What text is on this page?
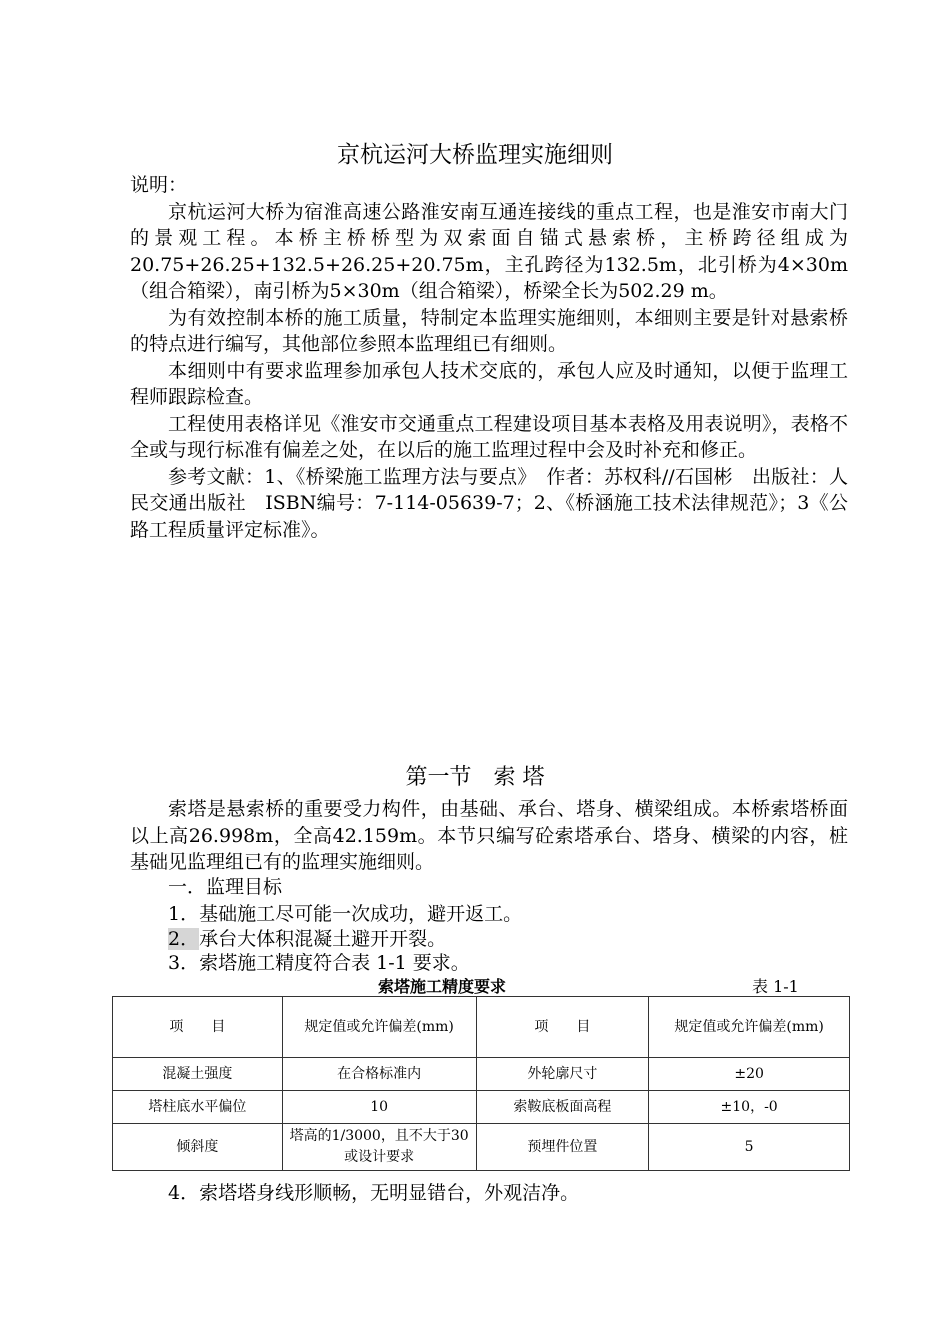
京杭运河大桥监理实施细则

说明：

京杭运河大桥为宿淮高速公路淮安南互通连接线的重点工程，也是淮安市南大门的景观工程。本桥主桥桥型为双索面自锚式悬索桥，主桥跨径组成为20.75+26.25+132.5+26.25+20.75m，主孔跨径为132.5m，北引桥为4×30m（组合箱梁），南引桥为5×30m（组合箱梁），桥梁全长为502.29 m。

为有效控制本桥的施工质量，特制定本监理实施细则，本细则主要是针对悬索桥的特点进行编写，其他部位参照本监理组已有细则。

本细则中有要求监理参加承包人技术交底的，承包人应及时通知，以便于监理工程师跟踪检查。

工程使用表格详见《淮安市交通重点工程建设项目基本表格及用表说明》，表格不全或与现行标准有偏差之处，在以后的施工监理过程中会及时补充和修正。

参考文献：1、《桥梁施工监理方法与要点》　作者：苏权科//石国彬　出版社：人民交通出版社　ISBN编号：7-114-05639-7；2、《桥涵施工技术法律规范》；3《公路工程质量评定标准》。

第一节　索 塔

索塔是悬索桥的重要受力构件，由基础、承台、塔身、横梁组成。本桥索塔桥面以上高26.998m，全高42.159m。本节只编写砼索塔承台、塔身、横梁的内容，桩基础见监理组已有的监理实施细则。

一．监理目标
1．基础施工尽可能一次成功，避开返工。
2．承台大体积混凝土避开开裂。
3．索塔施工精度符合表 1-1 要求。
索塔施工精度要求	表 1-1
项　　目	规定值或允许偏差(mm)	项　　目	规定值或允许偏差(mm)
混凝土强度	在合格标准内	外轮廓尺寸	±20
塔柱底水平偏位	10	索鞍底板面高程	±10，-0
倾斜度	塔高的1/3000，且不大于30或设计要求	预埋件位置	5
4．索塔塔身线形顺畅，无明显错台，外观洁净。
